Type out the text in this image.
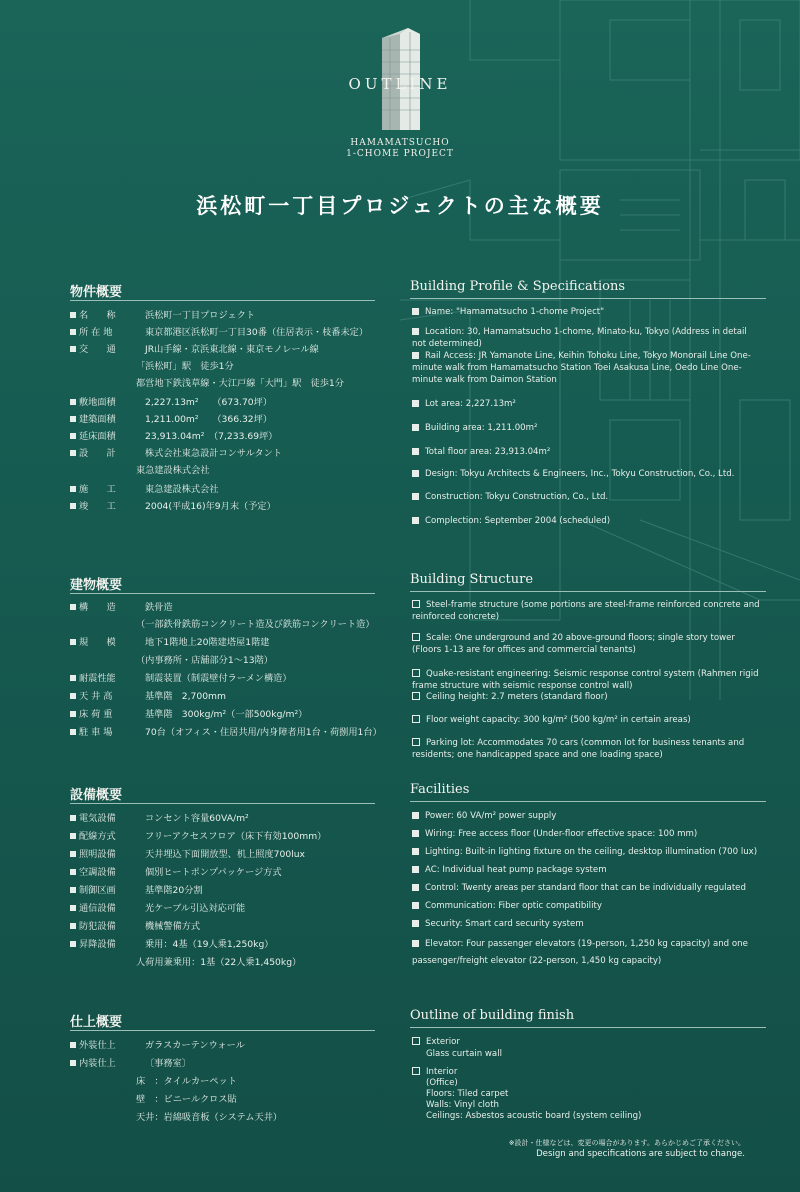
OUTLINE
HAMAMATSUCHO
1-CHOME PROJECT
浜松町一丁目プロジェクトの主な概要
物件概要	Building Profile & Specifications
名　　称	浜松町一丁目プロジェクト
所 在 地	東京都港区浜松町一丁目30番（住居表示・枝番未定）
交　　通	JR山手線・京浜東北線・東京モノレール線
「浜松町」駅　徒歩1分
都営地下鉄浅草線・大江戸線「大門」駅　徒歩1分
敷地面積	2,227.13m²　　（673.70坪）
建築面積	1,211.00m²　　（366.32坪）
延床面積	23,913.04m²　（7,233.69坪）
設　　計	株式会社東急設計コンサルタント
東急建設株式会社
施　　工	東急建設株式会社
竣　　工	2004(平成16)年9月末（予定）
Name: "Hamamatsucho 1-chome Project"
Location: 30, Hamamatsucho 1-chome, Minato-ku, Tokyo (Address in detail not determined)
Rail Access: JR Yamanote Line, Keihin Tohoku Line, Tokyo Monorail Line One-minute walk from Hamamatsucho Station Toei Asakusa Line, Oedo Line One-minute walk from Daimon Station
Lot area: 2,227.13m²
Building area: 1,211.00m²
Total floor area: 23,913.04m²
Design: Tokyu Architects & Engineers, Inc., Tokyu Construction, Co., Ltd.
Construction: Tokyu Construction, Co., Ltd.
Complection: September 2004 (scheduled)
建物概要	Building Structure
構　　造	鉄骨造
（一部鉄骨鉄筋コンクリート造及び鉄筋コンクリート造）
規　　模	地下1階地上20階建塔屋1階建
（内事務所・店舗部分1～13階）
耐震性能	制震装置（制震壁付ラーメン構造）
天 井 高	基準階　2,700mm
床 荷 重	基準階　300kg/m²（一部500kg/m²）
駐 車 場	70台（オフィス・住居共用/内身障者用1台・荷捌用1台）
Steel-frame structure (some portions are steel-frame reinforced concrete and reinforced concrete)
Scale: One underground and 20 above-ground floors; single story tower (Floors 1-13 are for offices and commercial tenants)
Quake-resistant engineering: Seismic response control system (Rahmen rigid frame structure with seismic response control wall)
Ceiling height: 2.7 meters (standard floor)
Floor weight capacity: 300 kg/m² (500 kg/m² in certain areas)
Parking lot: Accommodates 70 cars (common lot for business tenants and residents; one handicapped space and one loading space)
設備概要	Facilities
電気設備	コンセント容量60VA/m²
配線方式	フリーアクセスフロア（床下有効100mm）
照明設備	天井埋込下面開放型、机上照度700lux
空調設備	個別ヒートポンプパッケージ方式
制御区画	基準階20分割
通信設備	光ケーブル引込対応可能
防犯設備	機械警備方式
昇降設備	乗用：4基（19人乗1,250kg）
人荷用兼乗用：1基（22人乗1,450kg）
Power: 60 VA/m² power supply
Wiring: Free access floor (Under-floor effective space: 100 mm)
Lighting: Built-in lighting fixture on the ceiling, desktop illumination (700 lux)
AC: Individual heat pump package system
Control: Twenty areas per standard floor that can be individually regulated
Communication: Fiber optic compatibility
Security: Smart card security system
Elevator: Four passenger elevators (19-person, 1,250 kg capacity) and one passenger/freight elevator (22-person, 1,450 kg capacity)
仕上概要	Outline of building finish
外装仕上	ガラスカーテンウォール
内装仕上	〔事務室〕
床　：タイルカーペット
壁　：ビニールクロス貼
天井：岩綿吸音板（システム天井）
Exterior
Glass curtain wall
Interior
(Office)
Floors: Tiled carpet
Walls: Vinyl cloth
Ceilings: Asbestos acoustic board (system ceiling)
※設計・仕様などは、変更の場合があります。あらかじめご了承ください。
Design and specifications are subject to change.
